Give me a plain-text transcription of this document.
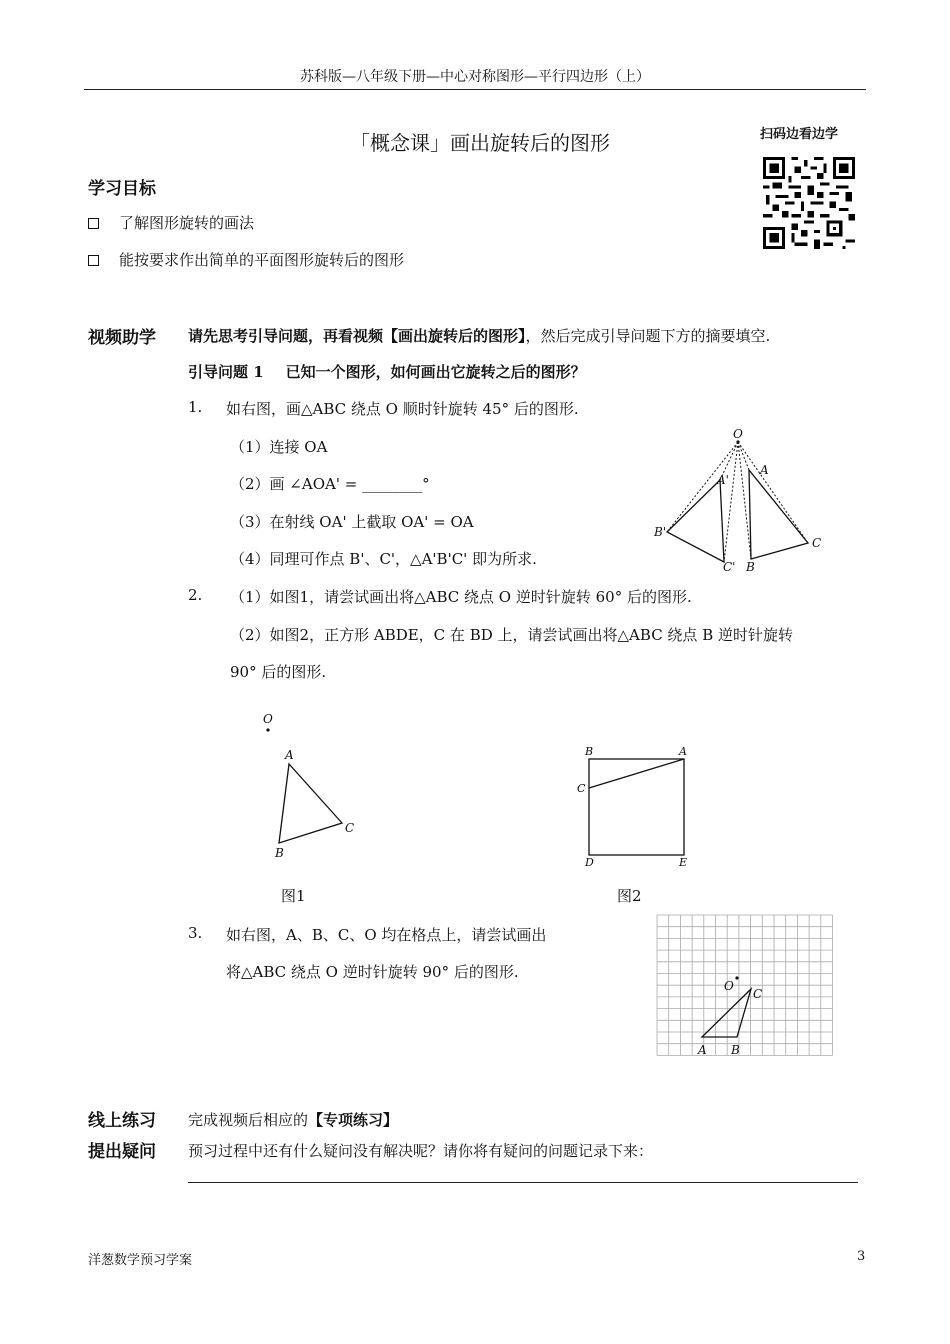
苏科版—八年级下册—中心对称图形—平行四边形（上）
「概念课」画出旋转后的图形	扫码边看边学
学习目标
了解图形旋转的画法
能按要求作出简单的平面图形旋转后的图形
视频助学 请先思考引导问题，再看视频【画出旋转后的图形】，然后完成引导问题下方的摘要填空.
引导问题 1 已知一个图形，如何画出它旋转之后的图形？
1. 如右图，画△ABC 绕点 O 顺时针旋转 45° 后的图形.
（1）连接 OA
（2）画 ∠AOA' = ________°
（3）在射线 OA' 上截取 OA' = OA
（4）同理可作点 B'、C'，△A'B'C' 即为所求.
O
A
A'
B'
C
C' B
2. （1）如图1，请尝试画出将△ABC 绕点 O 逆时针旋转 60° 后的图形.
（2）如图2，正方形 ABDE，C 在 BD 上，请尝试画出将△ABC 绕点 B 逆时针旋转
90° 后的图形.
O
A
B
C
图1
B	A
C
D	E
图2
3. 如右图，A、B、C、O 均在格点上，请尝试画出
将△ABC 绕点 O 逆时针旋转 90° 后的图形.
O
C
A B
线上练习 完成视频后相应的【专项练习】
提出疑问 预习过程中还有什么疑问没有解决呢？请你将有疑问的问题记录下来：
洋葱数学预习学案	3
